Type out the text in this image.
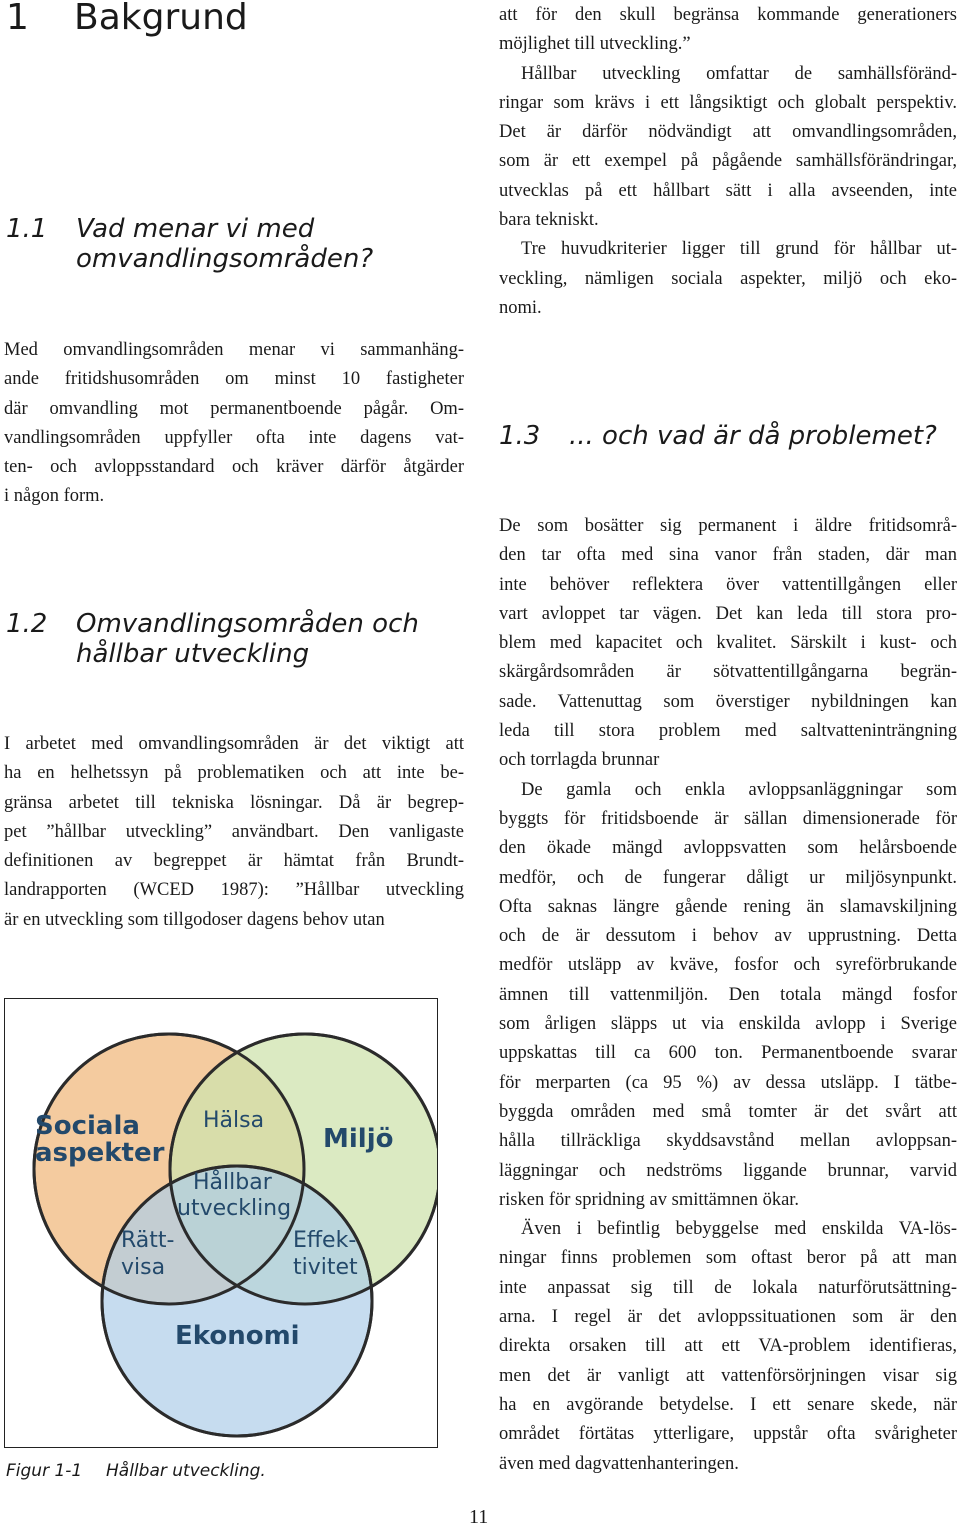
1 Bakgrund
1.1 Vad menar vi med
omvandlingsområden?
Med omvandlingsområden menar vi sammanhäng-
ande fritidshusområden om minst 10 fastigheter
där omvandling mot permanentboende pågår. Om-
vandlingsområden uppfyller ofta inte dagens vat-
ten- och avloppsstandard och kräver därför åtgärder
i någon form.
1.2 Omvandlingsområden och
hållbar utveckling
I arbetet med omvandlingsområden är det viktigt att
ha en helhetssyn på problematiken och att inte be-
gränsa arbetet till tekniska lösningar. Då är begrep-
pet ”hållbar utveckling” användbart. Den vanligaste
definitionen av begreppet är hämtat från Brundt-
landrapporten (WCED 1987): ”Hållbar utveckling
är en utveckling som tillgodoser dagens behov utan
Sociala
aspekter	Miljö
Ekonomi
Hälsa
Hållbar
utveckling
Rätt-
visa
Effek-
tivitet
Figur 1-1 Hållbar utveckling.
att för den skull begränsa kommande generationers
möjlighet till utveckling.”
Hållbar utveckling omfattar de samhällsföränd-
ringar som krävs i ett långsiktigt och globalt perspektiv.
Det är därför nödvändigt att omvandlingsområden,
som är ett exempel på pågående samhällsförändringar,
utvecklas på ett hållbart sätt i alla avseenden, inte
bara tekniskt.
Tre huvudkriterier ligger till grund för hållbar ut-
veckling, nämligen sociala aspekter, miljö och eko-
nomi.
1.3 ... och vad är då problemet?
De som bosätter sig permanent i äldre fritidsområ-
den tar ofta med sina vanor från staden, där man
inte behöver reflektera över vattentillgången eller
vart avloppet tar vägen. Det kan leda till stora pro-
blem med kapacitet och kvalitet. Särskilt i kust- och
skärgårdsområden är sötvattentillgångarna begrän-
sade. Vattenuttag som överstiger nybildningen kan
leda till stora problem med saltvatteninträngning
och torrlagda brunnar
De gamla och enkla avloppsanläggningar som
byggts för fritidsboende är sällan dimensionerade för
den ökade mängd avloppsvatten som helårsboende
medför, och de fungerar dåligt ur miljösynpunkt.
Ofta saknas längre gående rening än slamavskiljning
och de är dessutom i behov av upprustning. Detta
medför utsläpp av kväve, fosfor och syreförbrukande
ämnen till vattenmiljön. Den totala mängd fosfor
som årligen släpps ut via enskilda avlopp i Sverige
uppskattas till ca 600 ton. Permanentboende svarar
för merparten (ca 95 %) av dessa utsläpp. I tätbe-
byggda områden med små tomter är det svårt att
hålla tillräckliga skyddsavstånd mellan avloppsan-
läggningar och nedströms liggande brunnar, varvid
risken för spridning av smittämnen ökar.
Även i befintlig bebyggelse med enskilda VA-lös-
ningar finns problemen som oftast beror på att man
inte anpassat sig till de lokala naturförutsättning-
arna. I regel är det avloppssituationen som är den
direkta orsaken till att ett VA-problem identifieras,
men det är vanligt att vattenförsörjningen visar sig
ha en avgörande betydelse. I ett senare skede, när
området förtätas ytterligare, uppstår ofta svårigheter
även med dagvattenhanteringen.
11
